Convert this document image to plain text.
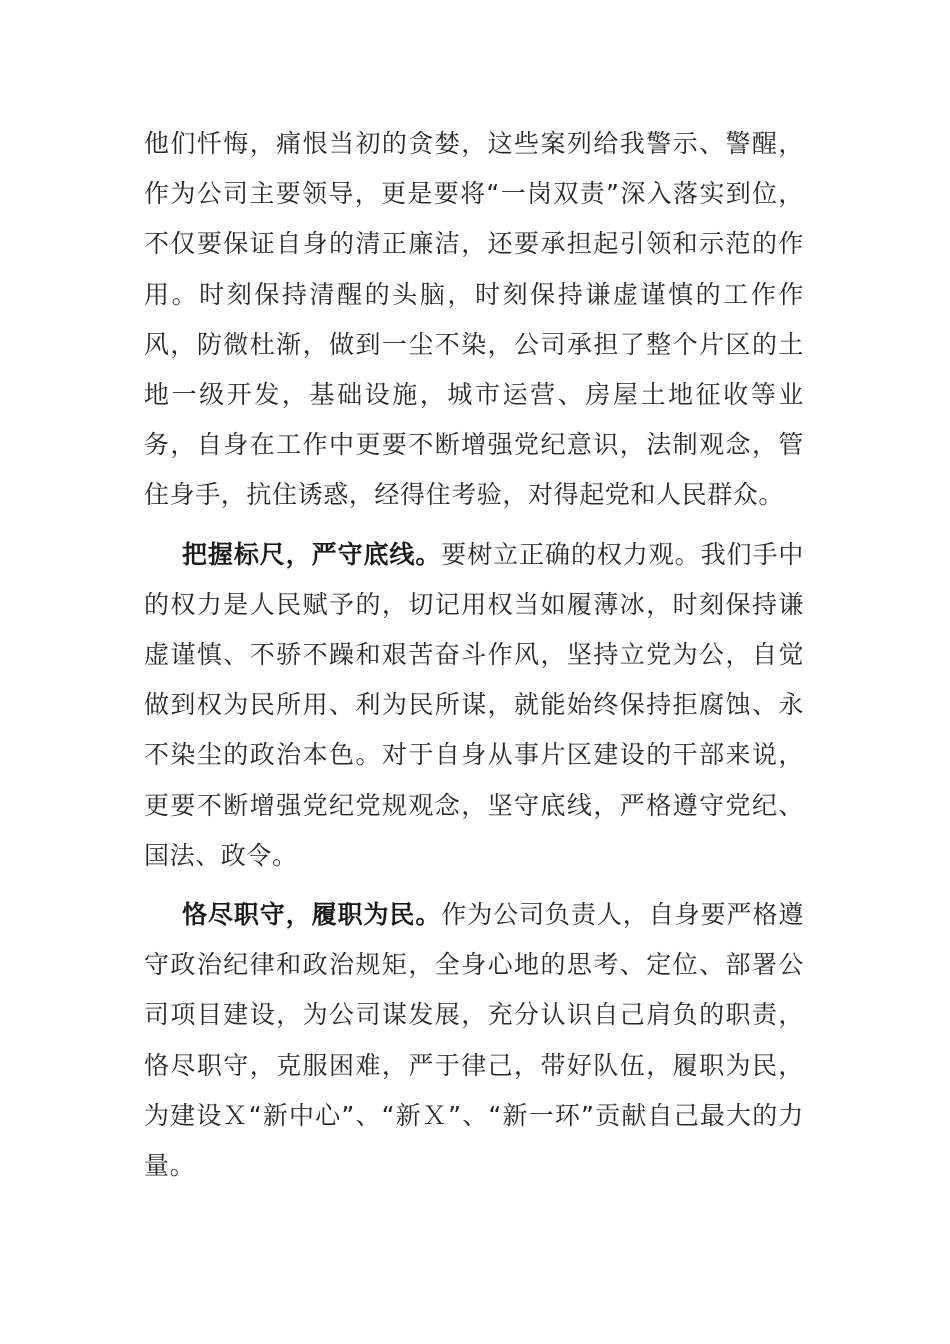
他们忏悔，痛恨当初的贪婪，这些案列给我警示、警醒，作为公司主要领导，更是要将“一岗双责”深入落实到位，不仅要保证自身的清正廉洁，还要承担起引领和示范的作用。时刻保持清醒的头脑，时刻保持谦虚谨慎的工作作风，防微杜渐，做到一尘不染，公司承担了整个片区的土地一级开发，基础设施，城市运营、房屋土地征收等业务，自身在工作中更要不断增强党纪意识，法制观念，管住身手，抗住诱惑，经得住考验，对得起党和人民群众。

把握标尺，严守底线。要树立正确的权力观。我们手中的权力是人民赋予的，切记用权当如履薄冰，时刻保持谦虚谨慎、不骄不躁和艰苦奋斗作风，坚持立党为公，自觉做到权为民所用、利为民所谋，就能始终保持拒腐蚀、永不染尘的政治本色。对于自身从事片区建设的干部来说，更要不断增强党纪党规观念，坚守底线，严格遵守党纪、国法、政令。

恪尽职守，履职为民。作为公司负责人，自身要严格遵守政治纪律和政治规矩，全身心地的思考、定位、部署公司项目建设，为公司谋发展，充分认识自己肩负的职责，恪尽职守，克服困难，严于律己，带好队伍，履职为民，为建设Ｘ“新中心”、“新Ｘ”、“新一环”贡献自己最大的力量。
